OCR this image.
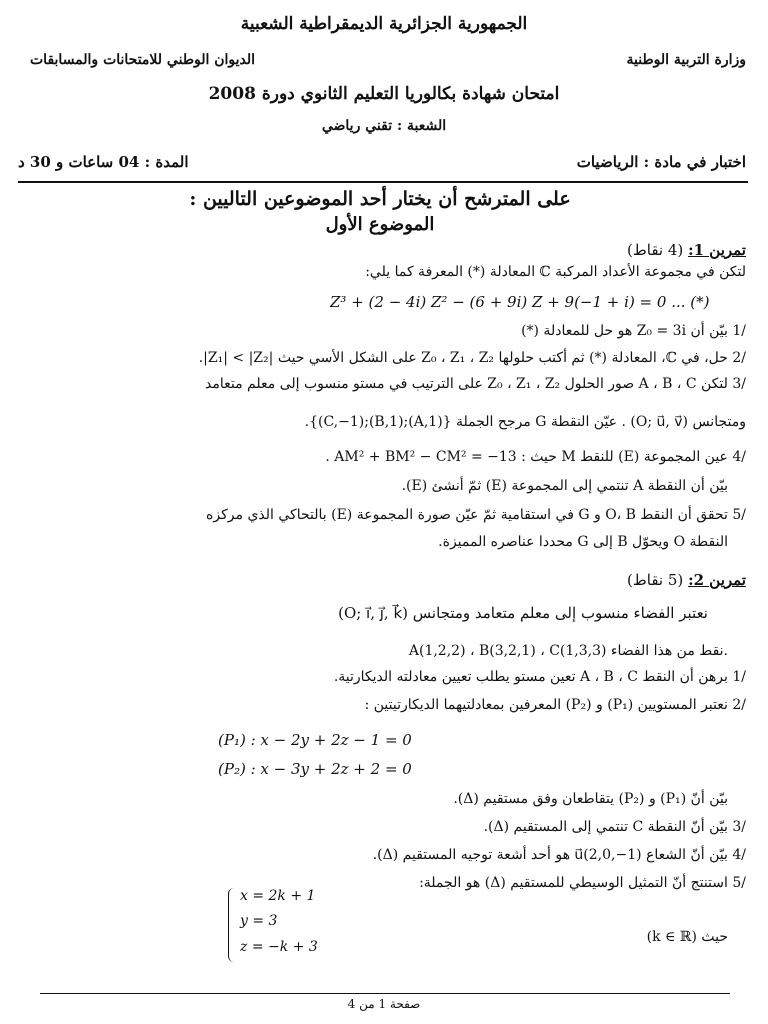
الجمهورية الجزائرية الديمقراطية الشعبية
وزارة التربية الوطنية
الديوان الوطني للامتحانات والمسابقات
امتحان شهادة بكالوريا التعليم الثانوي دورة 2008
الشعبة : تقني رياضي
اختبار في مادة : الرياضيات
المدة : 04 ساعات و 30 د
على المترشح أن يختار أحد الموضوعين التاليين :
الموضوع الأول
تمرين 1: (4 نقاط)
لتكن في مجموعة الأعداد المركبة ℂ المعادلة (*) المعرفة كما يلي:
Z³ + (2 − 4i) Z² − (6 + 9i) Z + 9(−1 + i) = 0 ... (*)
/1 بيّن أن Z₀ = 3i هو حل للمعادلة (*)
/2 حل، في ℂ، المعادلة (*) ثم أكتب حلولها Z₀ ، Z₁ ، Z₂ على الشكل الأسي حيث |Z₁| < |Z₂|.
/3 لتكن A ، B ، C صور الحلول Z₀ ، Z₁ ، Z₂ على الترتيب في مستو منسوب إلى معلم متعامد
ومتجانس (O; u⃗, v⃗) . عيّن النقطة G مرجح الجملة {(A,1);(B,1);(C,−1)}.
/4 عين المجموعة (E) للنقط M حيث : AM² + BM² − CM² = −13 .
بيّن أن النقطة A تنتمي إلى المجموعة (E) ثمّ أنشئ (E).
/5 تحقق أن النقط O، B و G في استقامية ثمّ عيّن صورة المجموعة (E) بالتحاكي الذي مركزه
النقطة O ويحوّل B إلى G محددا عناصره المميزة.
تمرين 2: (5 نقاط)
نعتبر الفضاء منسوب إلى معلم متعامد ومتجانس (O; i⃗, j⃗, k⃗)
A(1,2,2) ، B(3,2,1) ، C(1,3,3) نقط من هذا الفضاء.
/1 برهن أن النقط A ، B ، C تعين مستو يطلب تعيين معادلته الديكارتية.
/2 نعتبر المستويين (P₁) و (P₂) المعرفين بمعادلتيهما الديكارتيتين :
(P₁) : x − 2y + 2z − 1 = 0
(P₂) : x − 3y + 2z + 2 = 0
بيّن أنّ (P₁) و (P₂) يتقاطعان وفق مستقيم (Δ).
/3 بيّن أنّ النقطة C تنتمي إلى المستقيم (Δ).
/4 بيّن أنّ الشعاع u⃗(2,0,−1) هو أحد أشعة توجيه المستقيم (Δ).
/5 استنتج أنّ التمثيل الوسيطي للمستقيم (Δ) هو الجملة:
x = 2k + 1
y = 3
z = −k + 3
حيث (k ∈ ℝ)
صفحة 1 من 4
